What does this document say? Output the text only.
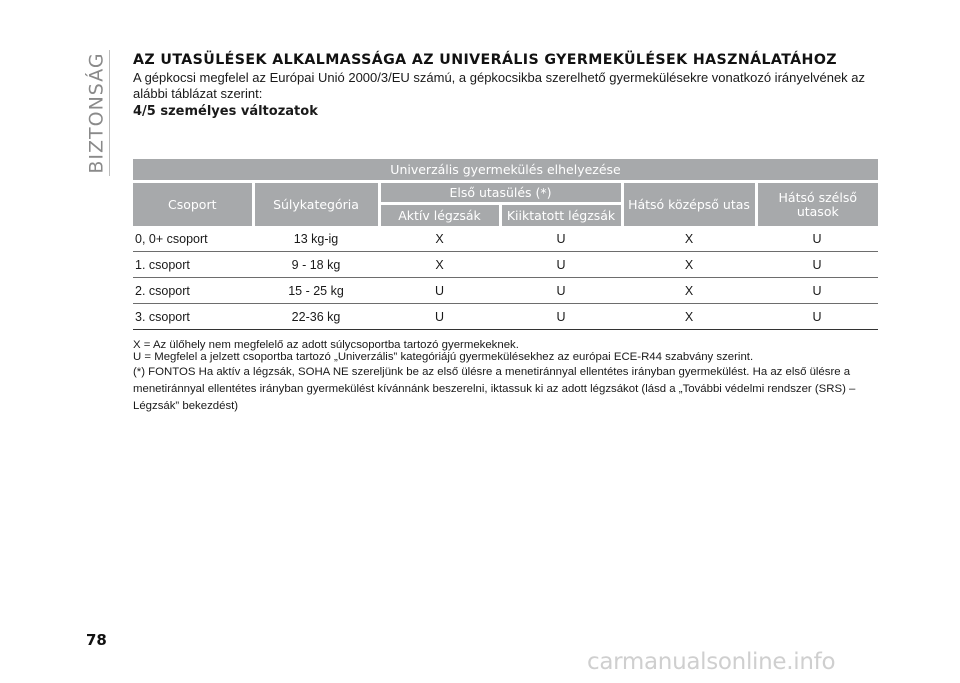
BIZTONSÁG AZ UTASÜLÉSEK ALKALMASSÁGA AZ UNIVERÁLIS GYERMEKÜLÉSEK HASZNÁLATÁHOZ

A gépkocsi megfelel az Európai Unió 2000/3/EU számú, a gépkocsikba szerelhető gyermekülésekre vonatkozó irányelvének az alábbi táblázat szerint:

4/5 személyes változatok
Univerzális gyermekülés elhelyezése					
Csoport	Súlykategória	Első utasülés (*)		Hátsó középső utas	Hátsó szélső utasok
		Aktív légzsák	Kiiktatott légzsák		
0, 0+ csoport	13 kg-ig	X	U	X	U
1. csoport	9 - 18 kg	X	U	X	U
2. csoport	15 - 25 kg	U	U	X	U
3. csoport	22-36 kg	U	U	X	U

X = Az ülőhely nem megfelelő az adott súlycsoportba tartozó gyermekeknek.

U = Megfelel a jelzett csoportba tartozó „Univerzális” kategóriájú gyermekülésekhez az európai ECE-R44 szabvány szerint.

(*) FONTOS Ha aktív a légzsák, SOHA NE szereljünk be az első ülésre a menetiránnyal ellentétes irányban gyermekülést. Ha az első ülésre a menetiránnyal ellentétes irányban gyermekülést kívánnánk beszerelni, iktassuk ki az adott légzsákot (lásd a „További védelmi rendszer (SRS) – Légzsák” bekezdést)

78
carmanualsonline.info
